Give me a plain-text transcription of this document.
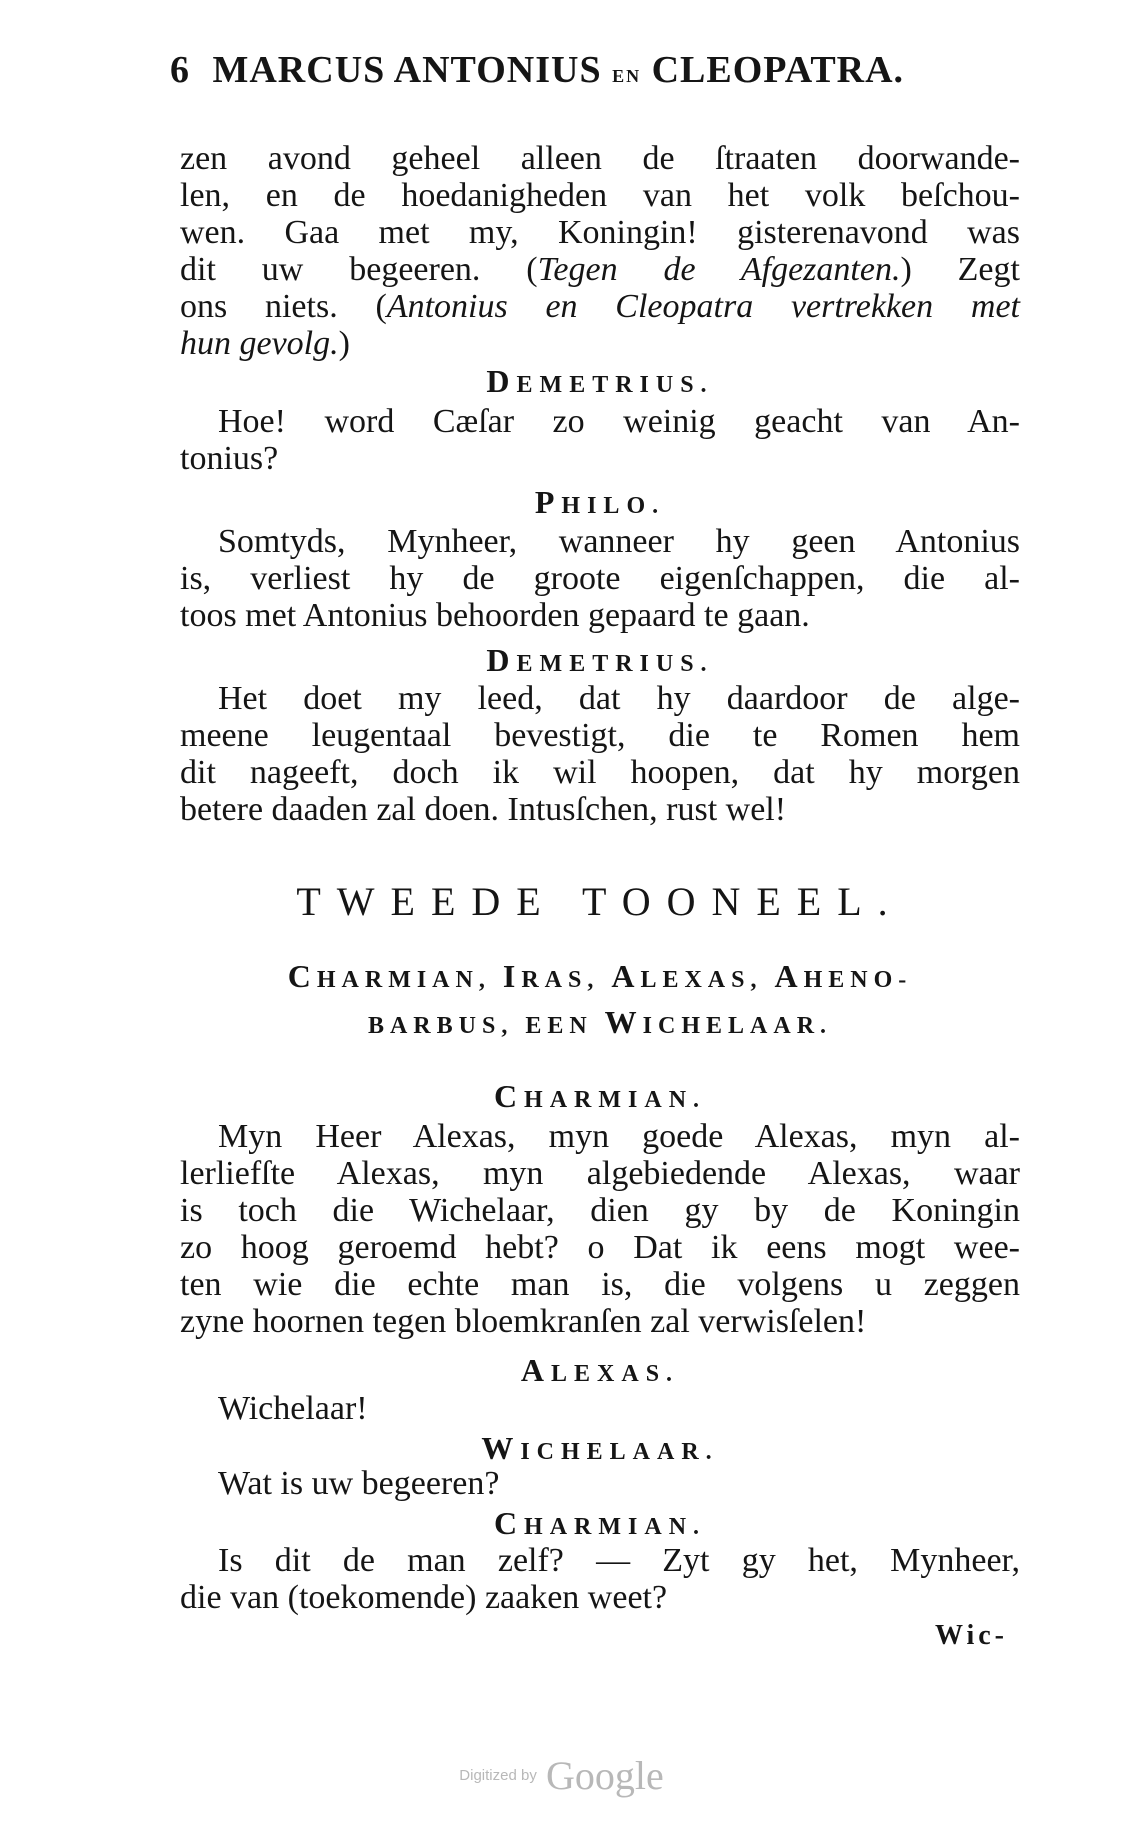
6 MARCUS ANTONIUS EN CLEOPATRA.
zen avond geheel alleen de ſtraaten doorwande-
len, en de hoedanigheden van het volk beſchou-
wen. Gaa met my, Koningin! gisterenavond was
dit uw begeeren. (Tegen de Afgezanten.) Zegt
ons niets. (Antonius en Cleopatra vertrekken met
hun gevolg.)
DEMETRIUS.
Hoe! word Cæſar zo weinig geacht van An-
tonius?
PHILO.
Somtyds, Mynheer, wanneer hy geen Antonius
is, verliest hy de groote eigenſchappen, die al-
toos met Antonius behoorden gepaard te gaan.
DEMETRIUS.
Het doet my leed, dat hy daardoor de alge-
meene leugentaal bevestigt, die te Romen hem
dit nageeft, doch ik wil hoopen, dat hy morgen
betere daaden zal doen. Intusſchen, rust wel!
TWEEDE TOONEEL.
CHARMIAN, IRAS, ALEXAS, AHENO-
BARBUS, EEN WICHELAAR.
CHARMIAN.
Myn Heer Alexas, myn goede Alexas, myn al-
lerliefſte Alexas, myn algebiedende Alexas, waar
is toch die Wichelaar, dien gy by de Koningin
zo hoog geroemd hebt? o Dat ik eens mogt wee-
ten wie die echte man is, die volgens u zeggen
zyne hoornen tegen bloemkranſen zal verwisſelen!
ALEXAS.
Wichelaar!
WICHELAAR.
Wat is uw begeeren?
CHARMIAN.
Is dit de man zelf? — Zyt gy het, Mynheer,
die van (toekomende) zaaken weet?
Wic-
Digitized by Google
